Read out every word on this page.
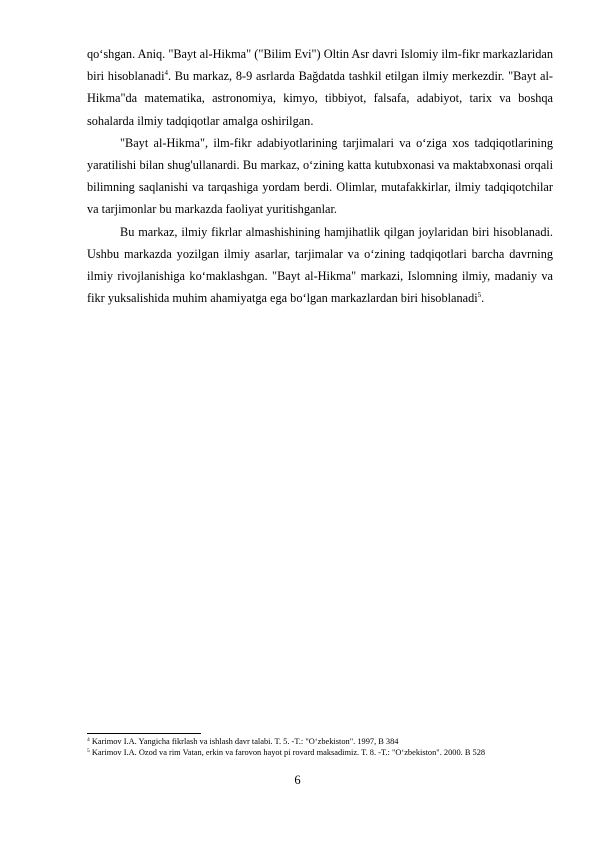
qo‘shgan. Aniq. "Bayt al-Hikma" ("Bilim Evi") Oltin Asr davri Islomiy ilm-fikr markazlaridan biri hisoblanadi$^4$. Bu markaz, 8-9 asrlarda Bağdatda tashkil etilgan ilmiy merkezdir. "Bayt al-Hikma"da matematika, astronomiya, kimyo, tibbiyot, falsafa, adabiyot, tarix va boshqa sohalarda ilmiy tadqiqotlar amalga oshirilgan.

"Bayt al-Hikma", ilm-fikr adabiyotlarining tarjimalari va o‘ziga xos tadqiqotlarining yaratilishi bilan shug'ullanardi. Bu markaz, o‘zining katta kutubxonasi va maktabxonasi orqali bilimning saqlanishi va tarqashiga yordam berdi. Olimlar, mutafakkirlar, ilmiy tadqiqotchilar va tarjimonlar bu markazda faoliyat yuritishganlar.

Bu markaz, ilmiy fikrlar almashishining hamjihatlik qilgan joylaridan biri hisoblanadi. Ushbu markazda yozilgan ilmiy asarlar, tarjimalar va o‘zining tadqiqotlari barcha davrning ilmiy rivojlanishiga ko‘maklashgan. "Bayt al-Hikma" markazi, Islomning ilmiy, madaniy va fikr yuksalishida muhim ahamiyatga ega bo‘lgan markazlardan biri hisoblanadi$^5$.

$^4$ Karimov I.A. Yangicha fikrlash va ishlash davr talabi. T. 5. -T.: "O‘zbekiston". 1997, B 384

$^5$ Karimov I.A. Ozod va rim Vatan, erkin va farovon hayot pi rovard maksadimiz. T. 8. -T.: "O‘zbekiston". 2000. B 528

6
